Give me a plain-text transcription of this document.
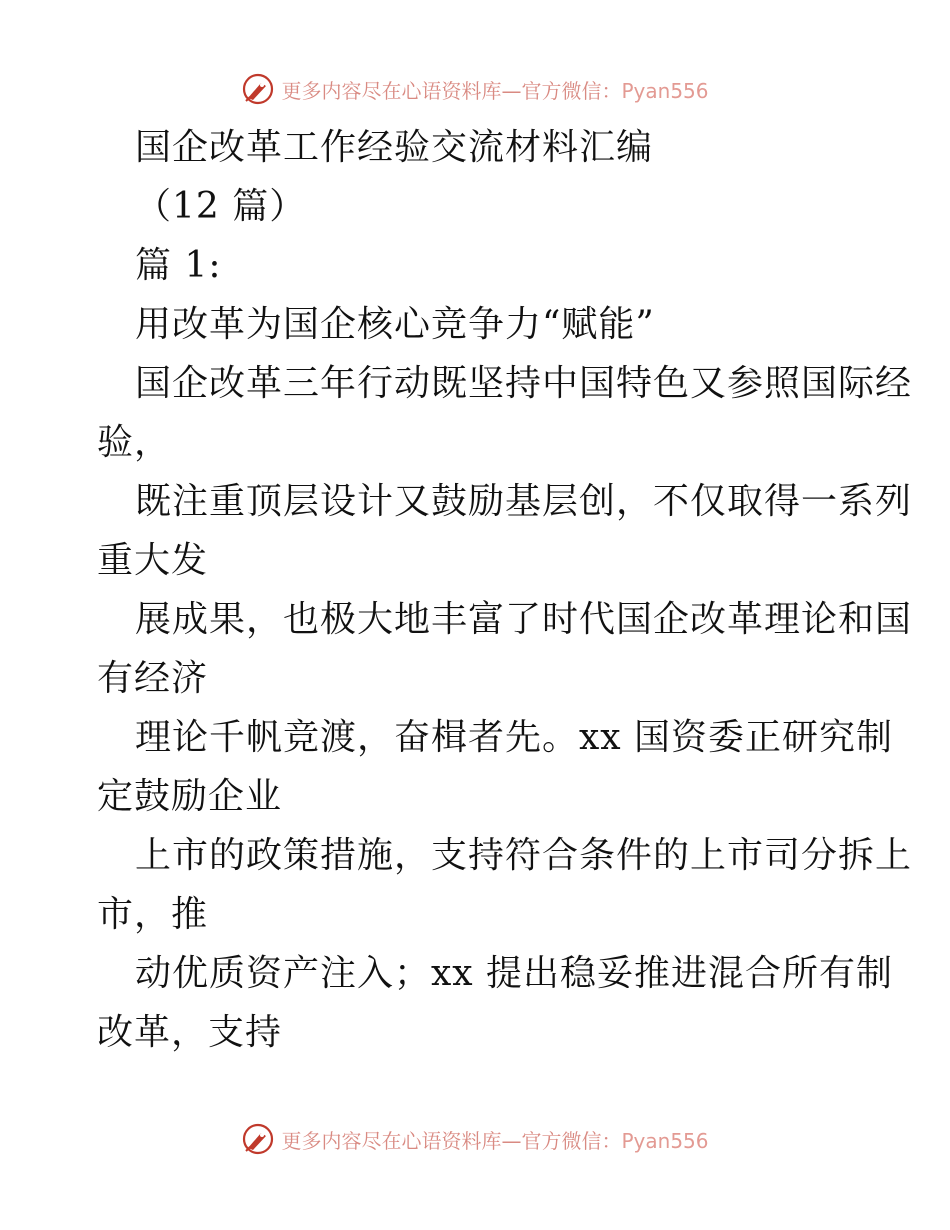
更多内容尽在心语资料库—官方微信：Pyan556
国企改革工作经验交流材料汇编
（12 篇）
篇 1:
用改革为国企核心竞争力“赋能”
国企改革三年行动既坚持中国特色又参照国际经
验，
既注重顶层设计又鼓励基层创，不仅取得一系列
重大发
展成果，也极大地丰富了时代国企改革理论和国
有经济
理论千帆竞渡，奋楫者先。xx 国资委正研究制
定鼓励企业
上市的政策措施，支持符合条件的上市司分拆上
市，推
动优质资产注入；xx 提出稳妥推进混合所有制
改革，支持
更多内容尽在心语资料库—官方微信：Pyan556
